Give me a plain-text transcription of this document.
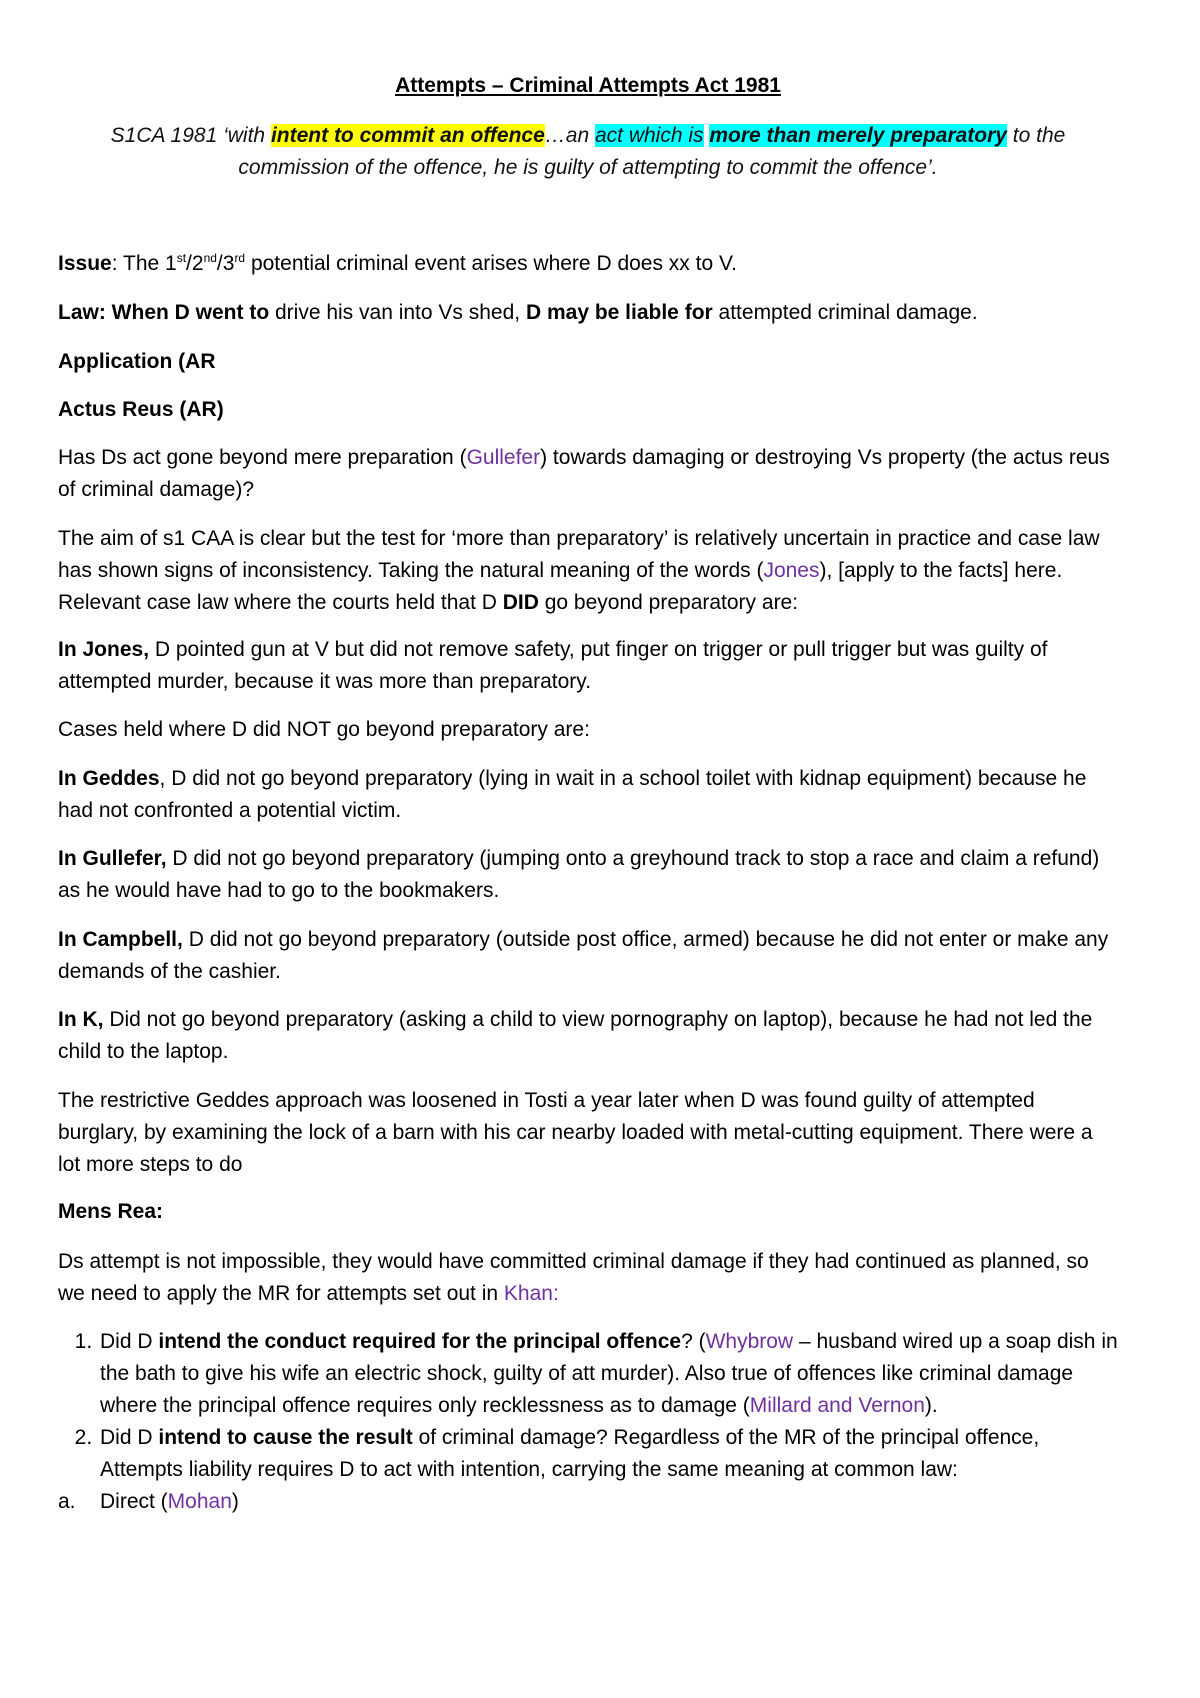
Attempts – Criminal Attempts Act 1981
S1CA 1981 ‘with intent to commit an offence…an act which is more than merely preparatory to the
commission of the offence, he is guilty of attempting to commit the offence’.
Issue: The 1st/2nd/3rd potential criminal event arises where D does xx to V.
Law: When D went to drive his van into Vs shed, D may be liable for attempted criminal damage.
Application (AR
Actus Reus (AR)
Has Ds act gone beyond mere preparation (Gullefer) towards damaging or destroying Vs property (the actus reus of criminal damage)?
The aim of s1 CAA is clear but the test for ‘more than preparatory’ is relatively uncertain in practice and case law has shown signs of inconsistency. Taking the natural meaning of the words (Jones), [apply to the facts] here. Relevant case law where the courts held that D DID go beyond preparatory are:
In Jones, D pointed gun at V but did not remove safety, put finger on trigger or pull trigger but was guilty of attempted murder, because it was more than preparatory.
Cases held where D did NOT go beyond preparatory are:
In Geddes, D did not go beyond preparatory (lying in wait in a school toilet with kidnap equipment) because he had not confronted a potential victim.
In Gullefer, D did not go beyond preparatory (jumping onto a greyhound track to stop a race and claim a refund) as he would have had to go to the bookmakers.
In Campbell, D did not go beyond preparatory (outside post office, armed) because he did not enter or make any demands of the cashier.
In K, Did not go beyond preparatory (asking a child to view pornography on laptop), because he had not led the child to the laptop.
The restrictive Geddes approach was loosened in Tosti a year later when D was found guilty of attempted burglary, by examining the lock of a barn with his car nearby loaded with metal-cutting equipment. There were a lot more steps to do
Mens Rea:
Ds attempt is not impossible, they would have committed criminal damage if they had continued as planned, so we need to apply the MR for attempts set out in Khan:
1. Did D intend the conduct required for the principal offence? (Whybrow – husband wired up a soap dish in the bath to give his wife an electric shock, guilty of att murder). Also true of offences like criminal damage where the principal offence requires only recklessness as to damage (Millard and Vernon).
2. Did D intend to cause the result of criminal damage? Regardless of the MR of the principal offence, Attempts liability requires D to act with intention, carrying the same meaning at common law:
a.	Direct (Mohan)
